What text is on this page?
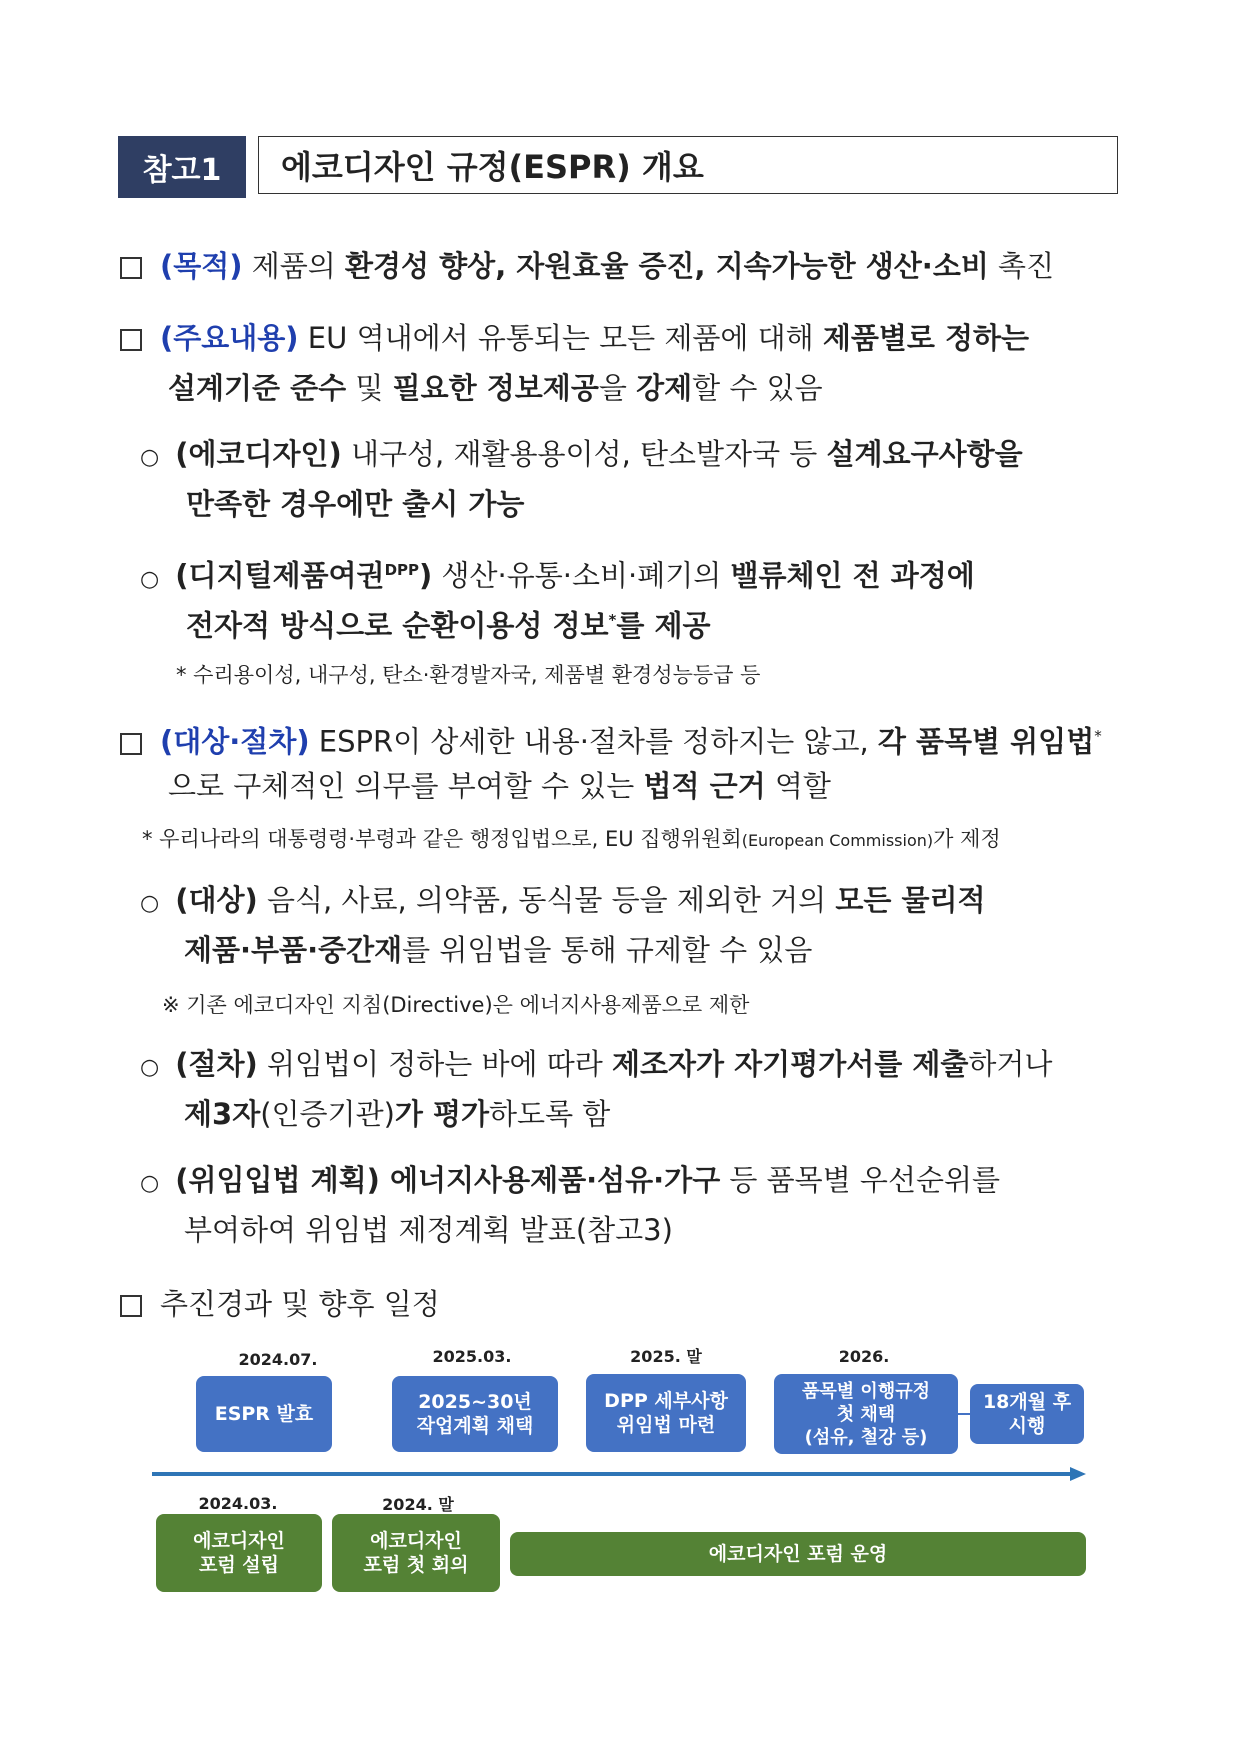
참고1	에코디자인 규정(ESPR) 개요
(목적) 제품의 환경성 향상, 자원효율 증진, 지속가능한 생산·소비 촉진
(주요내용) EU 역내에서 유통되는 모든 제품에 대해 제품별로 정하는
설계기준 준수 및 필요한 정보제공을 강제할 수 있음
○ (에코디자인) 내구성, 재활용용이성, 탄소발자국 등 설계요구사항을
만족한 경우에만 출시 가능
○ (디지털제품여권$^{DPP}$) 생산·유통·소비·폐기의 밸류체인 전 과정에
전자적 방식으로 순환이용성 정보*를 제공
* 수리용이성, 내구성, 탄소·환경발자국, 제품별 환경성능등급 등
(대상·절차) ESPR이 상세한 내용·절차를 정하지는 않고, 각 품목별 위임법*
으로 구체적인 의무를 부여할 수 있는 법적 근거 역할
* 우리나라의 대통령령·부령과 같은 행정입법으로, EU 집행위원회(European Commission)가 제정
○ (대상) 음식, 사료, 의약품, 동식물 등을 제외한 거의 모든 물리적
제품·부품·중간재를 위임법을 통해 규제할 수 있음
※ 기존 에코디자인 지침(Directive)은 에너지사용제품으로 제한
○ (절차) 위임법이 정하는 바에 따라 제조자가 자기평가서를 제출하거나
제3자(인증기관)가 평가하도록 함
○ (위임입법 계획) 에너지사용제품·섬유·가구 등 품목별 우선순위를
부여하여 위임법 제정계획 발표(참고3)
추진경과 및 향후 일정
2024.07.	2025.03.	2025. 말	2026.
ESPR 발효
2025~30년
작업계획 채택
DPP 세부사항
위임법 마련
품목별 이행규정
첫 채택
(섬유, 철강 등)
18개월 후
시행
2024.03.	2024. 말
에코디자인
포럼 설립
에코디자인
포럼 첫 회의	에코디자인 포럼 운영
